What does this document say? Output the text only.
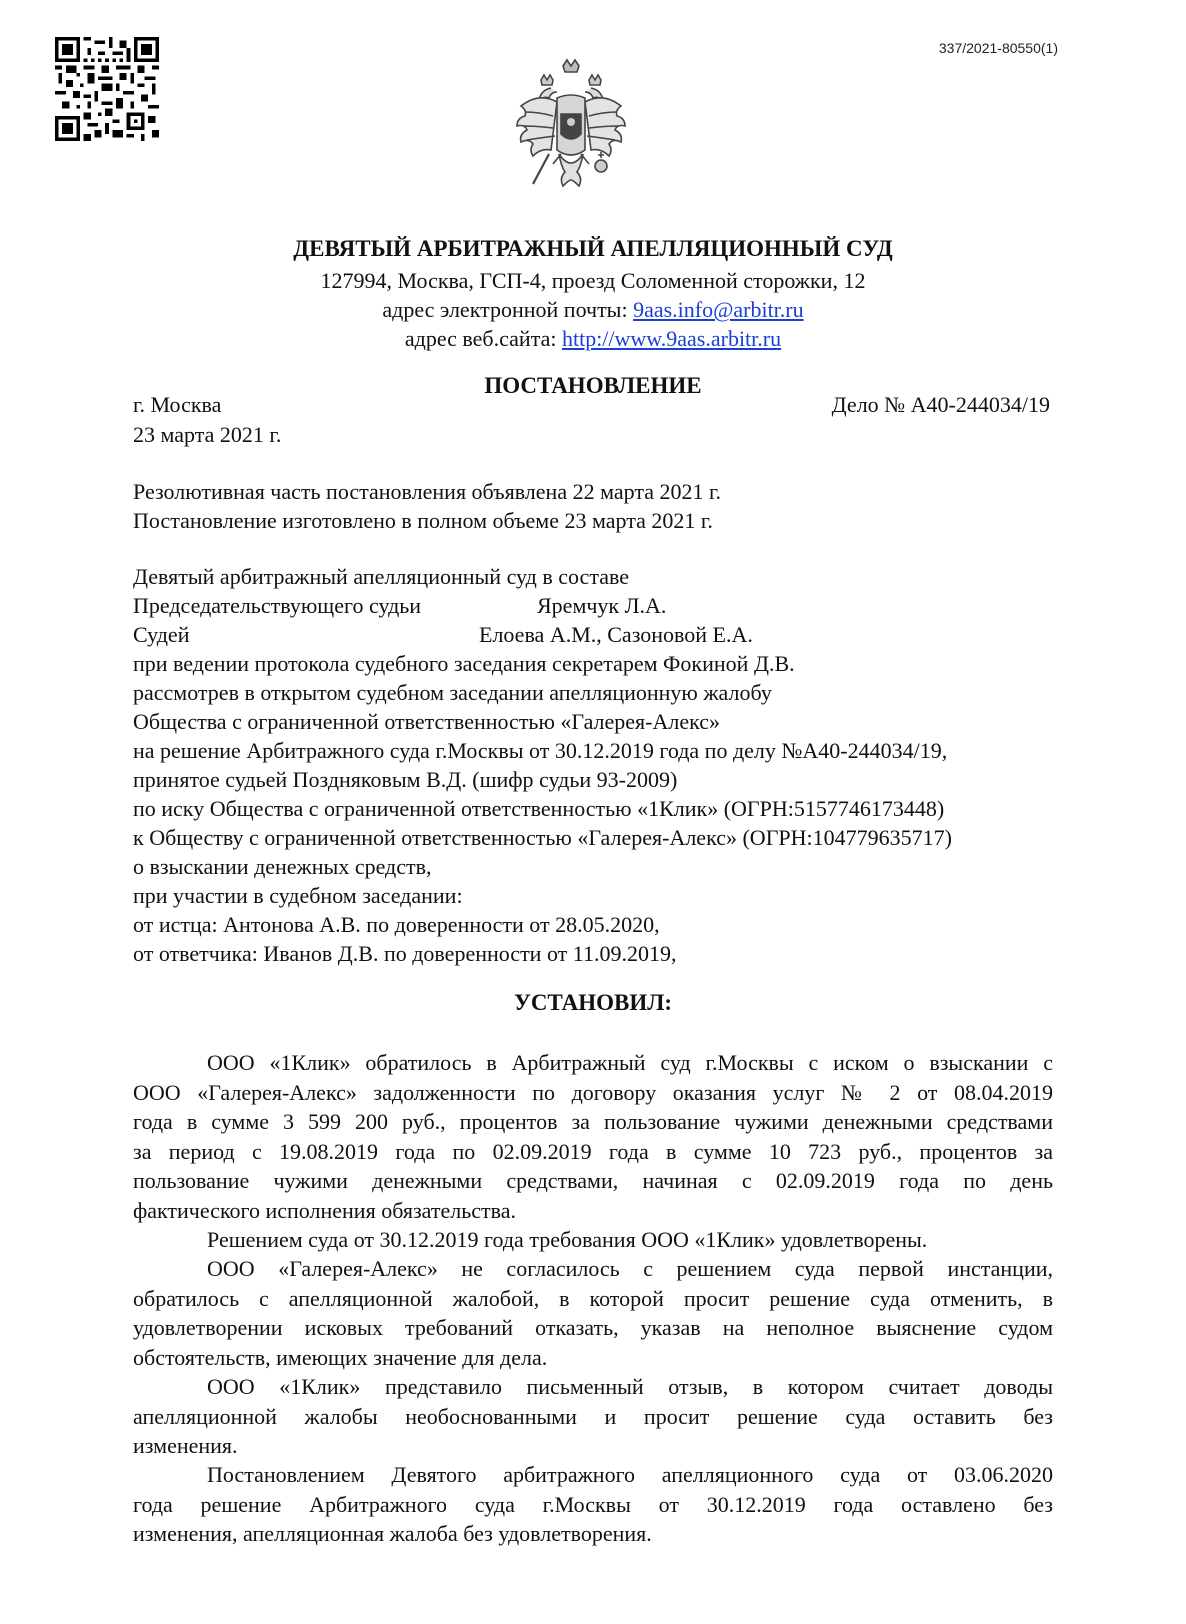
337/2021-80550(1)
ДЕВЯТЫЙ АРБИТРАЖНЫЙ АПЕЛЛЯЦИОННЫЙ СУД
127994, Москва, ГСП-4, проезд Соломенной сторожки, 12
адрес электронной почты: 9aas.info@arbitr.ru
адрес веб.сайта: http://www.9aas.arbitr.ru
ПОСТАНОВЛЕНИЕ
г. Москва	Дело № А40-244034/19
23 марта 2021 г.
Резолютивная часть постановления объявлена 22 марта 2021 г.
Постановление изготовлено в полном объеме 23 марта 2021 г.
Девятый арбитражный апелляционный суд в составе
Председательствующего судьи	Яремчук Л.А.
Судей	Елоева А.М., Сазоновой Е.А.
при ведении протокола судебного заседания секретарем Фокиной Д.В.
рассмотрев в открытом судебном заседании апелляционную жалобу
Общества с ограниченной ответственностью «Галерея-Алекс»
на решение Арбитражного суда г.Москвы от 30.12.2019 года по делу №А40-244034/19,
принятое судьей Поздняковым В.Д. (шифр судьи 93-2009)
по иску Общества с ограниченной ответственностью «1Клик» (ОГРН:5157746173448)
к Обществу с ограниченной ответственностью «Галерея-Алекс» (ОГРН:104779635717)
о взыскании денежных средств,
при участии в судебном заседании:
от истца: Антонова А.В. по доверенности от 28.05.2020,
от ответчика: Иванов Д.В. по доверенности от 11.09.2019,
УСТАНОВИЛ:
ООО «1Клик» обратилось в Арбитражный суд г.Москвы с иском о взыскании с
ООО «Галерея-Алекс» задолженности по договору оказания услуг № 2 от 08.04.2019
года в сумме 3 599 200 руб., процентов за пользование чужими денежными средствами
за период с 19.08.2019 года по 02.09.2019 года в сумме 10 723 руб., процентов за
пользование чужими денежными средствами, начиная с 02.09.2019 года по день
фактического исполнения обязательства.
Решением суда от 30.12.2019 года требования ООО «1Клик» удовлетворены.
ООО «Галерея-Алекс» не согласилось с решением суда первой инстанции,
обратилось с апелляционной жалобой, в которой просит решение суда отменить, в
удовлетворении исковых требований отказать, указав на неполное выяснение судом
обстоятельств, имеющих значение для дела.
ООО «1Клик» представило письменный отзыв, в котором считает доводы
апелляционной жалобы необоснованными и просит решение суда оставить без
изменения.
Постановлением Девятого арбитражного апелляционного суда от 03.06.2020
года решение Арбитражного суда г.Москвы от 30.12.2019 года оставлено без
изменения, апелляционная жалоба без удовлетворения.
